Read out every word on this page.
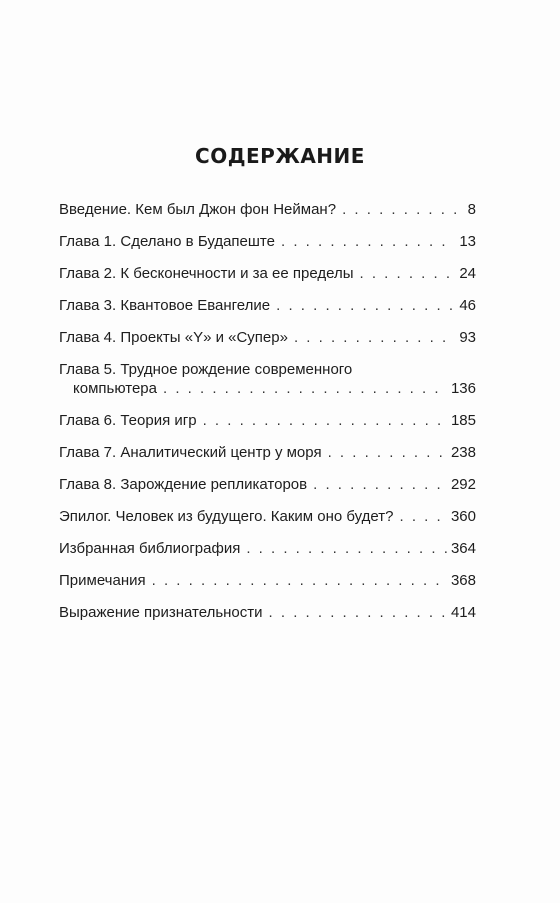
СОДЕРЖАНИЕ
Введение. Кем был Джон фон Нейман? . . .	8
Глава 1. Сделано в Будапеште . . .	13
Глава 2. К бесконечности и за ее пределы . . .	24
Глава 3. Квантовое Евангелие . . .	46
Глава 4. Проекты «Y» и «Супер» . . .	93
Глава 5. Трудное рождение современного
компьютера . . .	136
Глава 6. Теория игр . . .	185
Глава 7. Аналитический центр у моря . . .	238
Глава 8. Зарождение репликаторов . . .	292
Эпилог. Человек из будущего. Каким оно будет? . . .	360
Избранная библиография . . .	364
Примечания . . .	368
Выражение признательности . . .	414
